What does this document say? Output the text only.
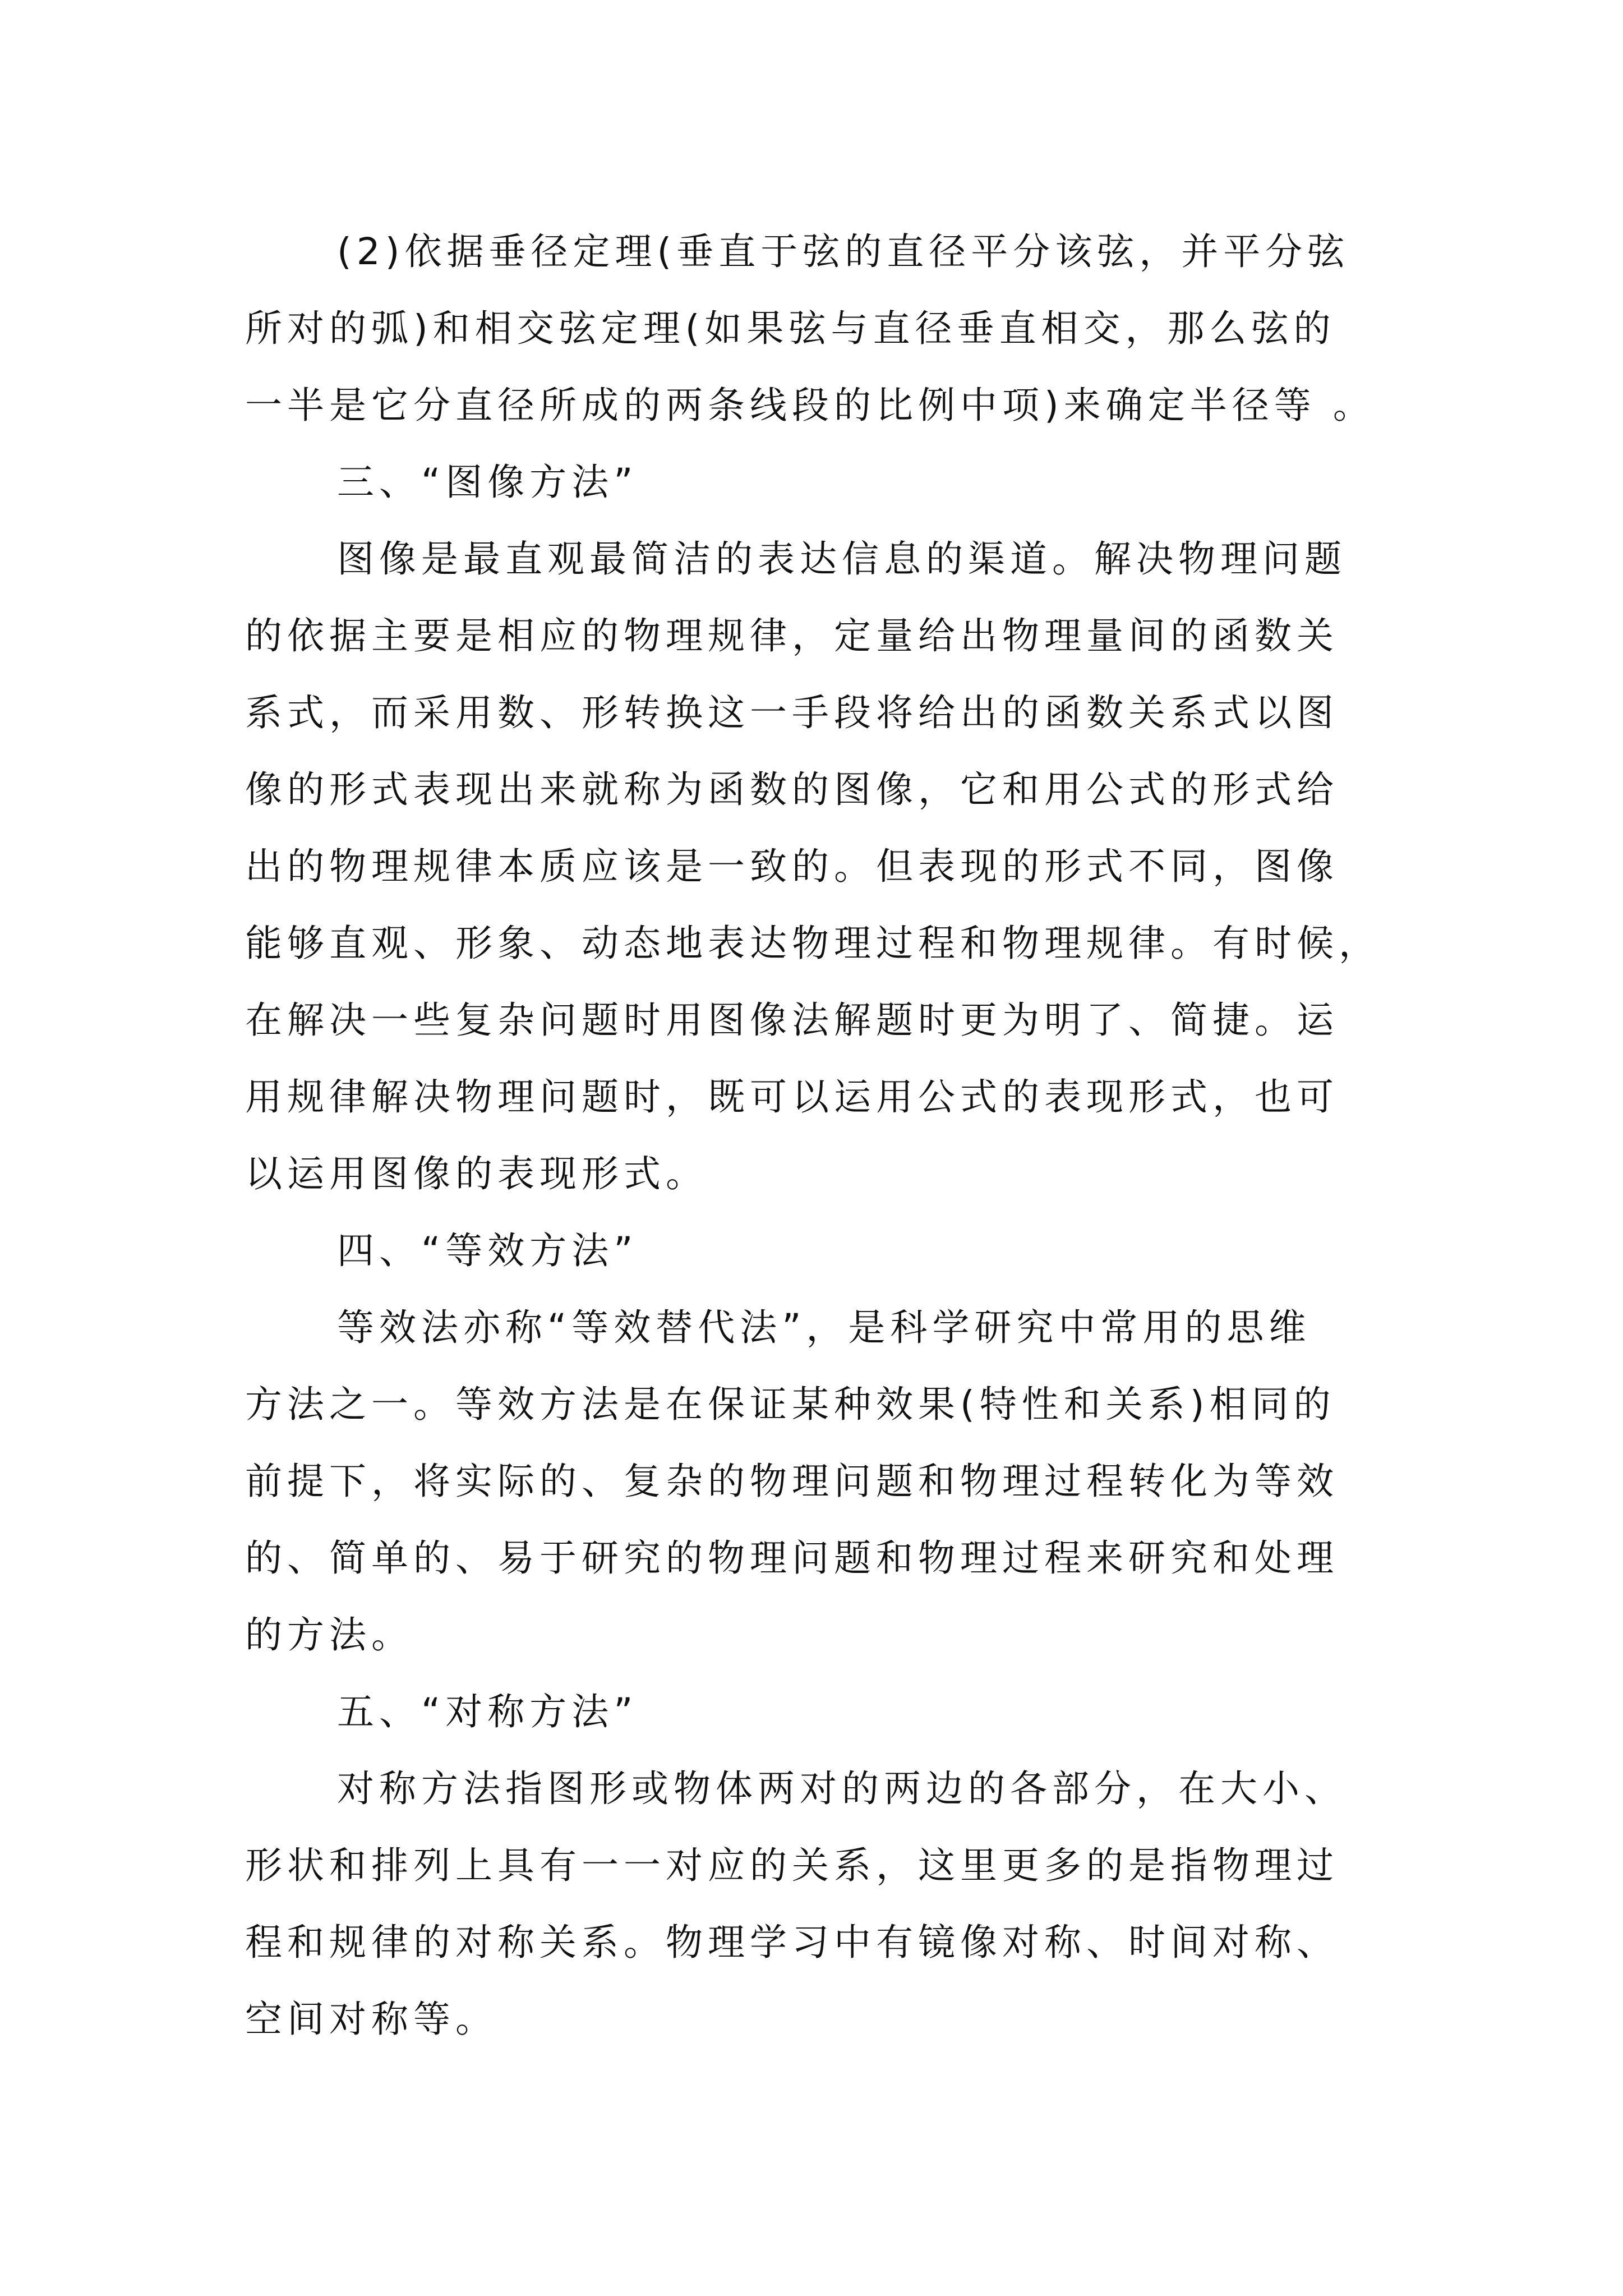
(2)依据垂径定理(垂直于弦的直径平分该弦，并平分弦
所对的弧)和相交弦定理(如果弦与直径垂直相交，那么弦的
一半是它分直径所成的两条线段的比例中项)来确定半径等 。
三、“图像方法”
图像是最直观最简洁的表达信息的渠道。解决物理问题
的依据主要是相应的物理规律，定量给出物理量间的函数关
系式，而采用数、形转换这一手段将给出的函数关系式以图
像的形式表现出来就称为函数的图像，它和用公式的形式给
出的物理规律本质应该是一致的。但表现的形式不同，图像
能够直观、形象、动态地表达物理过程和物理规律。有时候，
在解决一些复杂问题时用图像法解题时更为明了、简捷。运
用规律解决物理问题时，既可以运用公式的表现形式，也可
以运用图像的表现形式。
四、“等效方法”
等效法亦称“等效替代法”，是科学研究中常用的思维
方法之一。等效方法是在保证某种效果(特性和关系)相同的
前提下，将实际的、复杂的物理问题和物理过程转化为等效
的、简单的、易于研究的物理问题和物理过程来研究和处理
的方法。
五、“对称方法”
对称方法指图形或物体两对的两边的各部分，在大小、
形状和排列上具有一一对应的关系，这里更多的是指物理过
程和规律的对称关系。物理学习中有镜像对称、时间对称、
空间对称等。
